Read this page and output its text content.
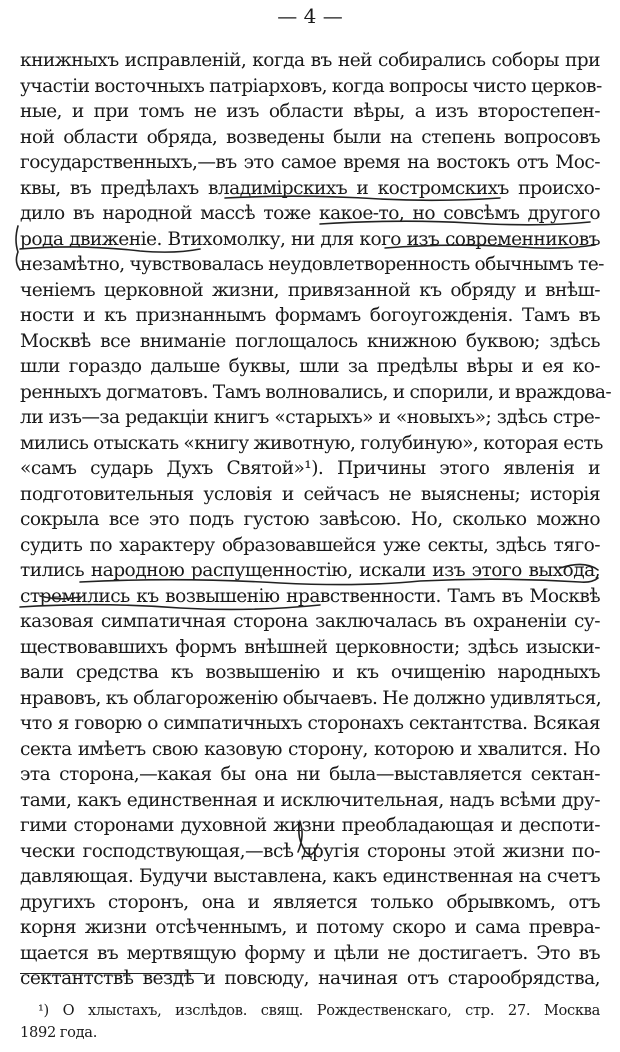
— 4 —
книжныхъ исправленій, когда въ ней собирались соборы при
участіи восточныхъ патріарховъ, когда вопросы чисто церков-
ные, и при томъ не изъ области вѣры, а изъ второстепен-
ной области обряда, возведены были на степень вопросовъ
государственныхъ,—въ это самое время на востокъ отъ Мос-
квы, въ предѣлахъ владимірскихъ и костромскихъ происхо-
дило въ народной массѣ тоже какое-то, но совсѣмъ другого
рода движеніе. Втихомолку, ни для кого изъ современниковъ
незамѣтно, чувствовалась неудовлетворенность обычнымъ те-
ченіемъ церковной жизни, привязанной къ обряду и внѣш-
ности и къ признаннымъ формамъ богоугожденія. Тамъ въ
Москвѣ все вниманіе поглощалось книжною буквою; здѣсь
шли гораздо дальше буквы, шли за предѣлы вѣры и ея ко-
ренныхъ догматовъ. Тамъ волновались, и спорили, и враждова-
ли изъ—за редакціи книгъ «старыхъ» и «новыхъ»; здѣсь стре-
мились отыскать «книгу животную, голубиную», которая есть
«самъ сударь Духъ Святой»¹). Причины этого явленія и
подготовительныя условія и сейчасъ не выяснены; исторія
сокрыла все это подъ густою завѣсою. Но, сколько можно
судить по характеру образовавшейся уже секты, здѣсь тяго-
тились народною распущенностію, искали изъ этого выхода,
стремились къ возвышенію нравственности. Тамъ въ Москвѣ
казовая симпатичная сторона заключалась въ охраненіи су-
ществовавшихъ формъ внѣшней церковности; здѣсь изыски-
вали средства къ возвышенію и къ очищенію народныхъ
нравовъ, къ облагороженію обычаевъ. Не должно удивляться,
что я говорю о симпатичныхъ сторонахъ сектантства. Всякая
секта имѣетъ свою казовую сторону, которою и хвалится. Но
эта сторона,—какая бы она ни была—выставляется сектан-
тами, какъ единственная и исключительная, надъ всѣми дру-
гими сторонами духовной жизни преобладающая и деспоти-
чески господствующая,—всѣ другія стороны этой жизни по-
давляющая. Будучи выставлена, какъ единственная на счетъ
другихъ сторонъ, она и является только обрывкомъ, отъ
корня жизни отсѣченнымъ, и потому скоро и сама превра-
щается въ мертвящую форму и цѣли не достигаетъ. Это въ
сектантствѣ вездѣ и повсюду, начиная отъ старообрядства,
¹) О хлыстахъ, изслѣдов. свящ. Рождественскаго, стр. 27. Москва
1892 года.
